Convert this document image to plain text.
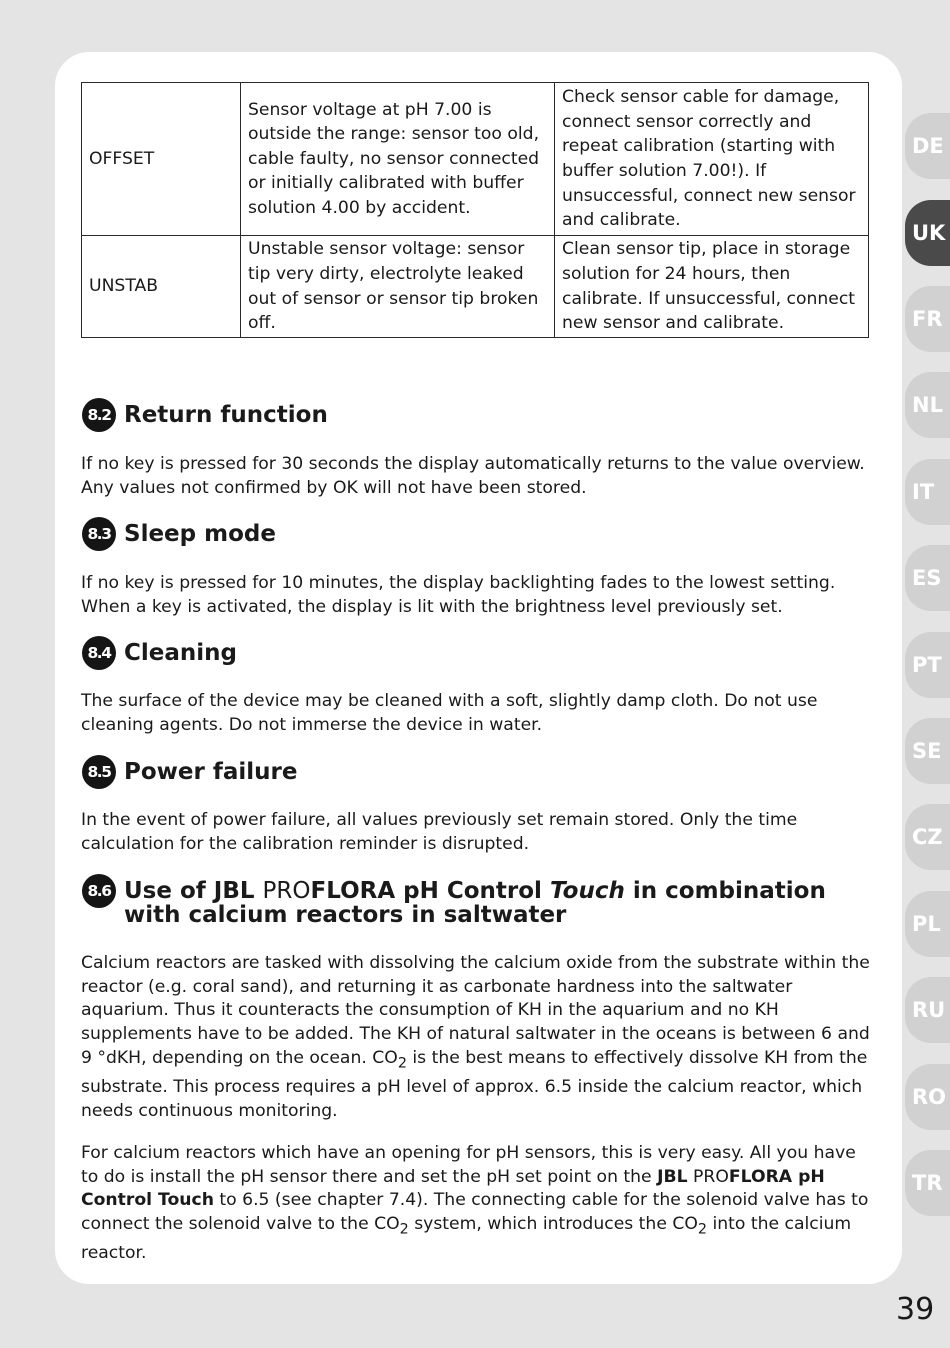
OFFSET	Sensor voltage at pH 7.00 is outside the range: sensor too old, cable faulty, no sensor connected or initially calibrated with buffer solution 4.00 by accident.	Check sensor cable for damage, connect sensor correctly and repeat calibration (starting with buffer solution 7.00!). If unsuccessful, connect new sensor and calibrate.
UNSTAB	Unstable sensor voltage: sensor tip very dirty, electrolyte leaked out of sensor or sensor tip broken off.	Clean sensor tip, place in storage solution for 24 hours, then calibrate. If unsuccessful, connect new sensor and calibrate.
8.2 Return function

If no key is pressed for 30 seconds the display automatically returns to the value overview. Any values not confirmed by OK will not have been stored.

8.3 Sleep mode

If no key is pressed for 10 minutes, the display backlighting fades to the lowest setting. When a key is activated, the display is lit with the brightness level previously set.

8.4 Cleaning

The surface of the device may be cleaned with a soft, slightly damp cloth. Do not use cleaning agents. Do not immerse the device in water.

8.5 Power failure

In the event of power failure, all values previously set remain stored. Only the time calculation for the calibration reminder is disrupted.

8.6 Use of JBL PROFLORA pH Control Touch in combination with calcium reactors in saltwater

Calcium reactors are tasked with dissolving the calcium oxide from the substrate within the reactor (e.g. coral sand), and returning it as carbonate hardness into the saltwater aquarium. Thus it counteracts the consumption of KH in the aquarium and no KH supplements have to be added. The KH of natural saltwater in the oceans is between 6 and 9 °dKH, depending on the ocean. $CO_2$ is the best means to effectively dissolve KH from the substrate. This process requires a pH level of approx. 6.5 inside the calcium reactor, which needs continuous monitoring.

For calcium reactors which have an opening for pH sensors, this is very easy. All you have to do is install the pH sensor there and set the pH set point on the JBL PROFLORA pH Control Touch to 6.5 (see chapter 7.4). The connecting cable for the solenoid valve has to connect the solenoid valve to the $CO_2$ system, which introduces the $CO_2$ into the calcium reactor.

DE
UK
FR
NL
IT
ES
PT
SE
CZ
PL
RU
RO
TR
39
